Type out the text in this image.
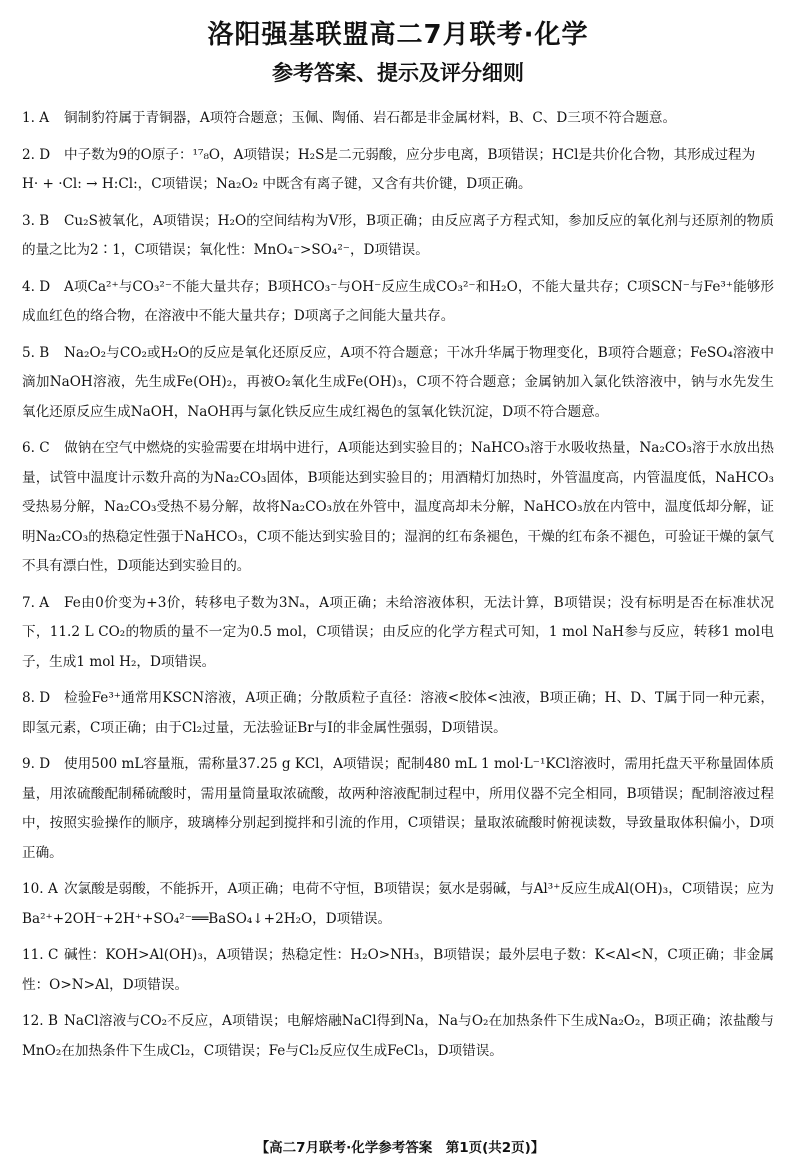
洛阳强基联盟高二7月联考·化学
参考答案、提示及评分细则
1. A 铜制豹符属于青铜器，A项符合题意；玉佩、陶俑、岩石都是非金属材料，B、C、D三项不符合题意。
2. D 中子数为9的O原子：¹⁷₈O，A项错误；H₂S是二元弱酸，应分步电离，B项错误；HCl是共价化合物，其形成过程为
H· + ·Cl: → H:Cl:，C项错误；Na₂O₂ 中既含有离子键，又含有共价键，D项正确。
3. B Cu₂S被氧化，A项错误；H₂O的空间结构为V形，B项正确；由反应离子方程式知，参加反应的氧化剂与还原剂的物质的量之比为2∶1，C项错误；氧化性：MnO₄⁻>SO₄²⁻，D项错误。
4. D A项Ca²⁺与CO₃²⁻不能大量共存；B项HCO₃⁻与OH⁻反应生成CO₃²⁻和H₂O，不能大量共存；C项SCN⁻与Fe³⁺能够形成血红色的络合物，在溶液中不能大量共存；D项离子之间能大量共存。
5. B Na₂O₂与CO₂或H₂O的反应是氧化还原反应，A项不符合题意；干冰升华属于物理变化，B项符合题意；FeSO₄溶液中滴加NaOH溶液，先生成Fe(OH)₂，再被O₂氧化生成Fe(OH)₃，C项不符合题意；金属钠加入氯化铁溶液中，钠与水先发生氧化还原反应生成NaOH，NaOH再与氯化铁反应生成红褐色的氢氧化铁沉淀，D项不符合题意。
6. C 做钠在空气中燃烧的实验需要在坩埚中进行，A项能达到实验目的；NaHCO₃溶于水吸收热量，Na₂CO₃溶于水放出热量，试管中温度计示数升高的为Na₂CO₃固体，B项能达到实验目的；用酒精灯加热时，外管温度高，内管温度低，NaHCO₃受热易分解，Na₂CO₃受热不易分解，故将Na₂CO₃放在外管中，温度高却未分解，NaHCO₃放在内管中，温度低却分解，证明Na₂CO₃的热稳定性强于NaHCO₃，C项不能达到实验目的；湿润的红布条褪色，干燥的红布条不褪色，可验证干燥的氯气不具有漂白性，D项能达到实验目的。
7. A Fe由0价变为+3价，转移电子数为3Nₐ，A项正确；未给溶液体积，无法计算，B项错误；没有标明是否在标准状况下，11.2 L CO₂的物质的量不一定为0.5 mol，C项错误；由反应的化学方程式可知，1 mol NaH参与反应，转移1 mol电子，生成1 mol H₂，D项错误。
8. D 检验Fe³⁺通常用KSCN溶液，A项正确；分散质粒子直径：溶液<胶体<浊液，B项正确；H、D、T属于同一种元素，即氢元素，C项正确；由于Cl₂过量，无法验证Br与I的非金属性强弱，D项错误。
9. D 使用500 mL容量瓶，需称量37.25 g KCl，A项错误；配制480 mL 1 mol·L⁻¹KCl溶液时，需用托盘天平称量固体质量，用浓硫酸配制稀硫酸时，需用量筒量取浓硫酸，故两种溶液配制过程中，所用仪器不完全相同，B项错误；配制溶液过程中，按照实验操作的顺序，玻璃棒分别起到搅拌和引流的作用，C项错误；量取浓硫酸时俯视读数，导致量取体积偏小，D项正确。
10. A 次氯酸是弱酸，不能拆开，A项正确；电荷不守恒，B项错误；氨水是弱碱，与Al³⁺反应生成Al(OH)₃，C项错误；应为Ba²⁺+2OH⁻+2H⁺+SO₄²⁻══BaSO₄↓+2H₂O，D项错误。
11. C 碱性：KOH>Al(OH)₃，A项错误；热稳定性：H₂O>NH₃，B项错误；最外层电子数：K<Al<N，C项正确；非金属性：O>N>Al，D项错误。
12. B NaCl溶液与CO₂不反应，A项错误；电解熔融NaCl得到Na，Na与O₂在加热条件下生成Na₂O₂，B项正确；浓盐酸与MnO₂在加热条件下生成Cl₂，C项错误；Fe与Cl₂反应仅生成FeCl₃，D项错误。
【高二7月联考·化学参考答案　第1页(共2页)】
